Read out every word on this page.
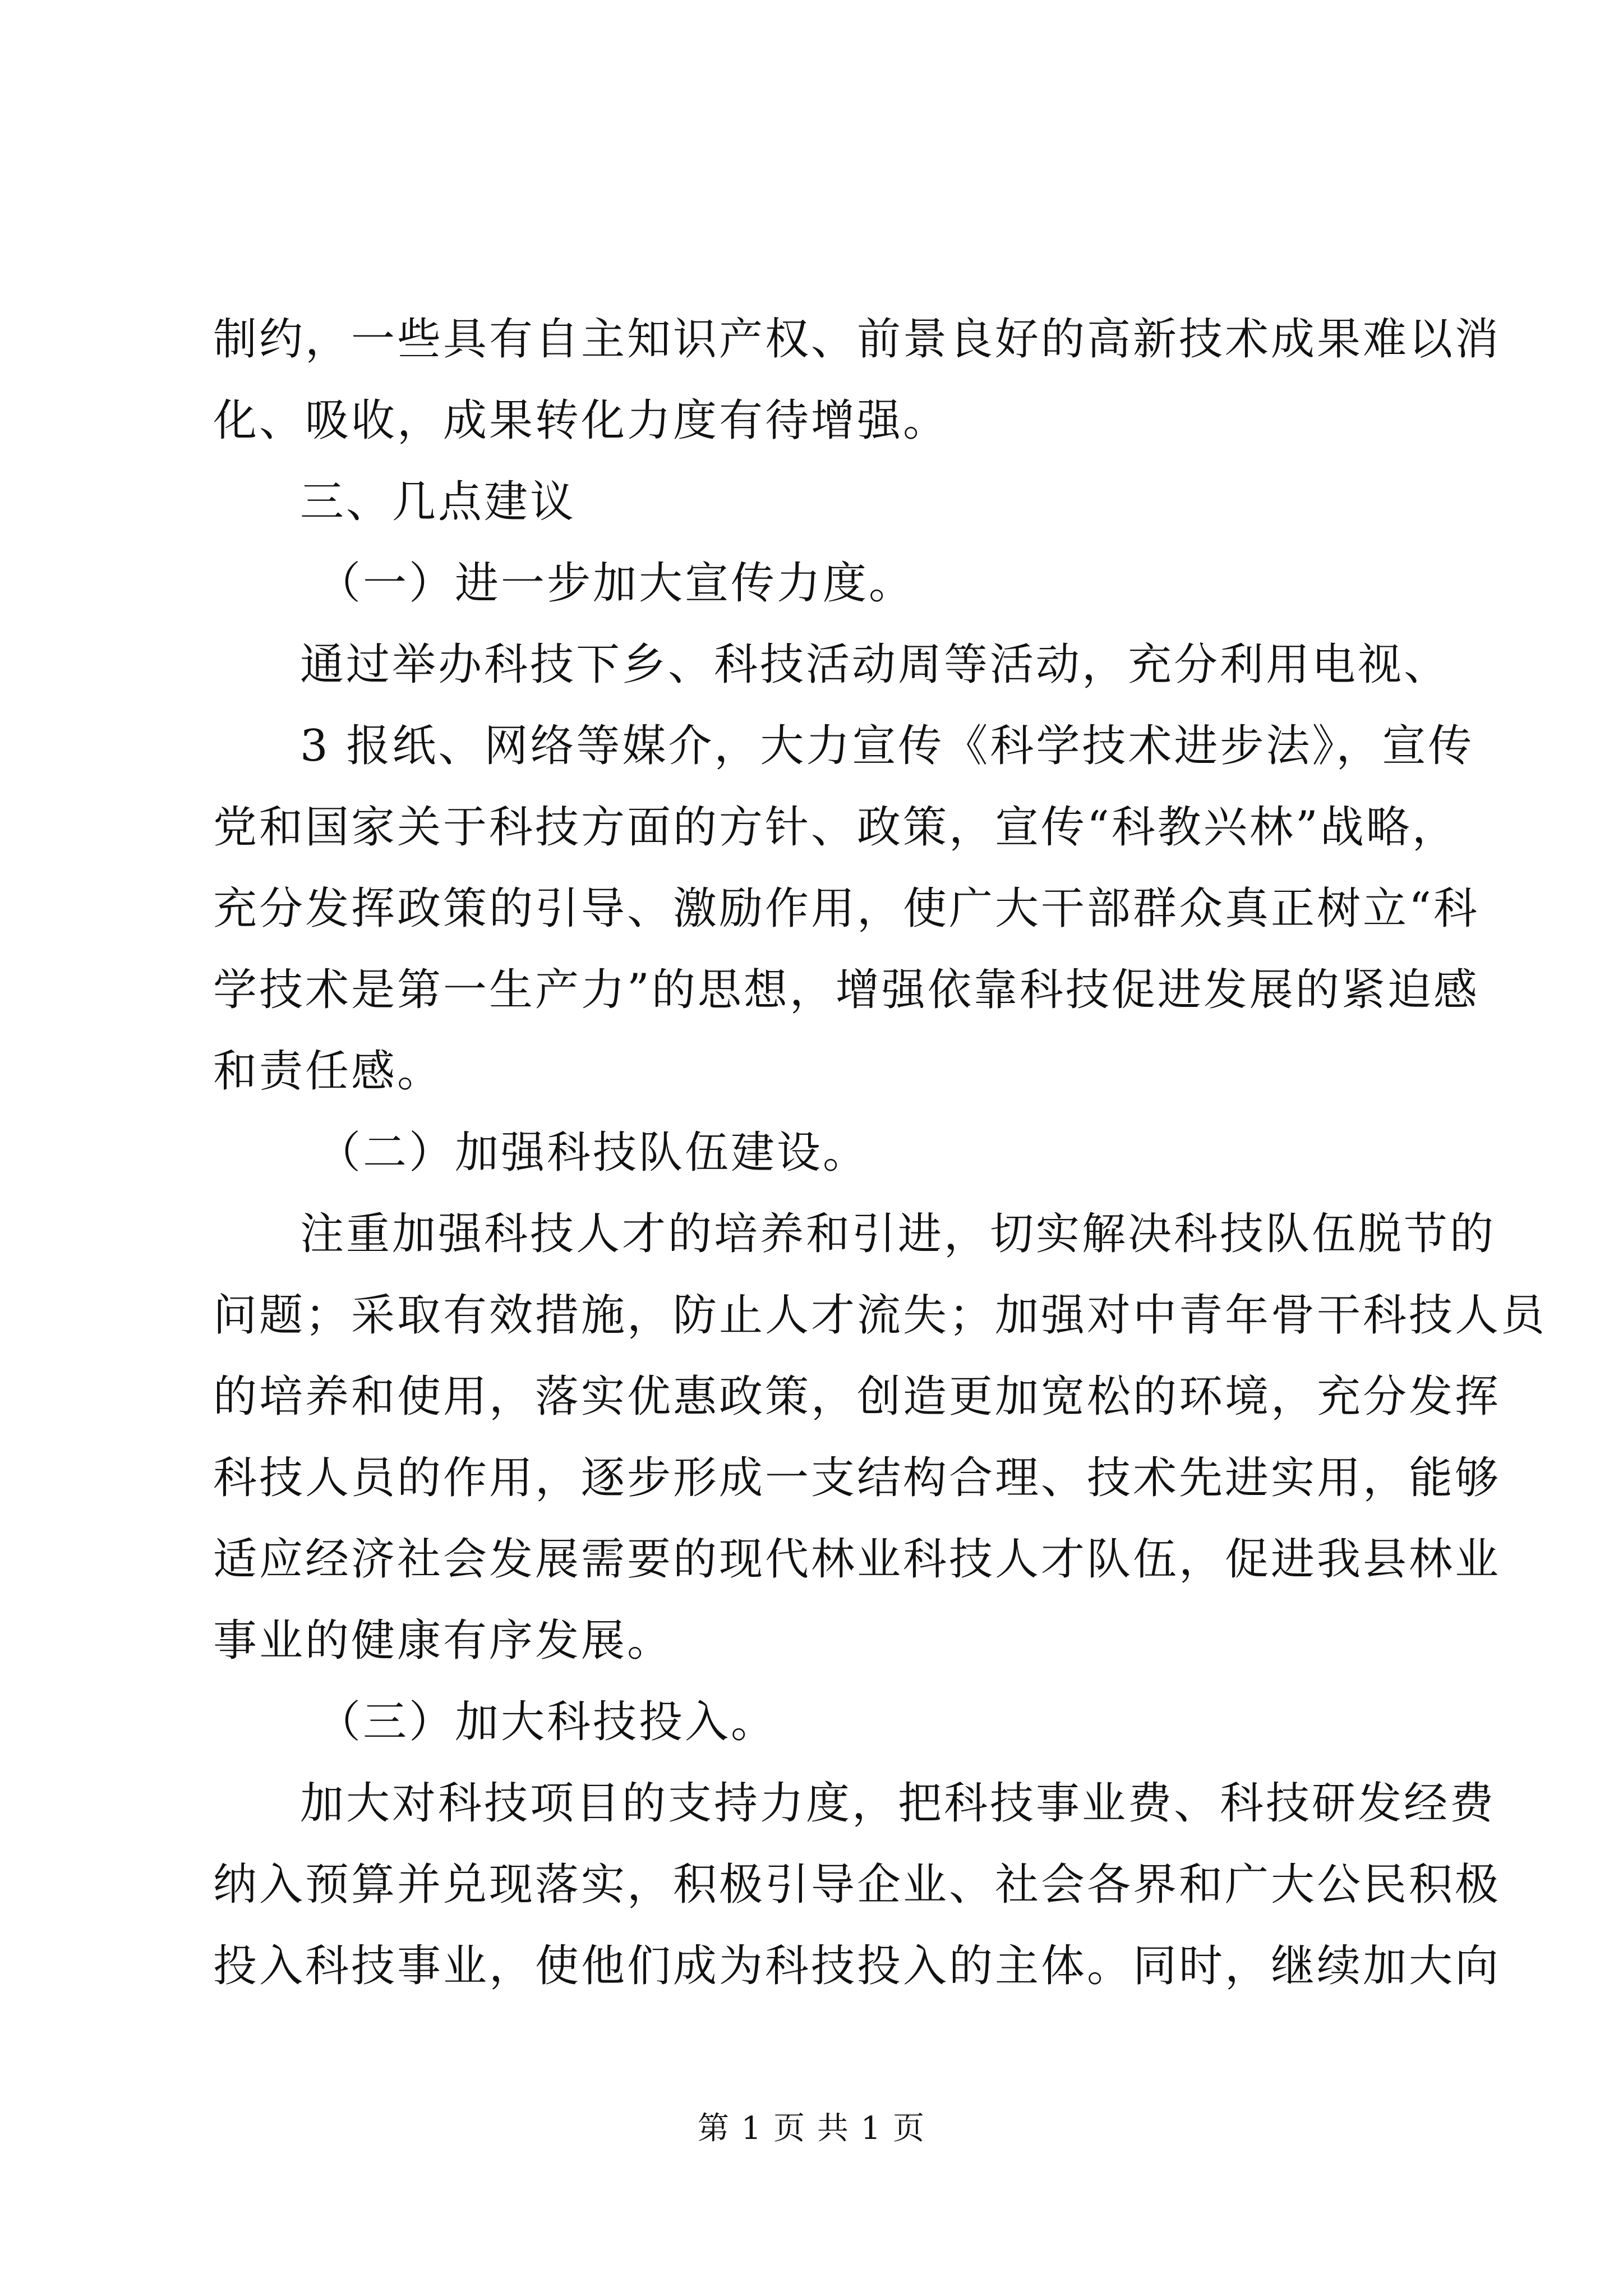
制约，一些具有自主知识产权、前景良好的高新技术成果难以消
化、吸收，成果转化力度有待增强。
三、几点建议
（一）进一步加大宣传力度。
通过举办科技下乡、科技活动周等活动，充分利用电视、
3 报纸、网络等媒介，大力宣传《科学技术进步法》，宣传
党和国家关于科技方面的方针、政策，宣传“科教兴林”战略，
充分发挥政策的引导、激励作用，使广大干部群众真正树立“科
学技术是第一生产力”的思想，增强依靠科技促进发展的紧迫感
和责任感。
（二）加强科技队伍建设。
注重加强科技人才的培养和引进，切实解决科技队伍脱节的
问题；采取有效措施，防止人才流失；加强对中青年骨干科技人员
的培养和使用，落实优惠政策，创造更加宽松的环境，充分发挥
科技人员的作用，逐步形成一支结构合理、技术先进实用，能够
适应经济社会发展需要的现代林业科技人才队伍，促进我县林业
事业的健康有序发展。
（三）加大科技投入。
加大对科技项目的支持力度，把科技事业费、科技研发经费
纳入预算并兑现落实，积极引导企业、社会各界和广大公民积极
投入科技事业，使他们成为科技投入的主体。同时，继续加大向
第 1 页 共 1 页
